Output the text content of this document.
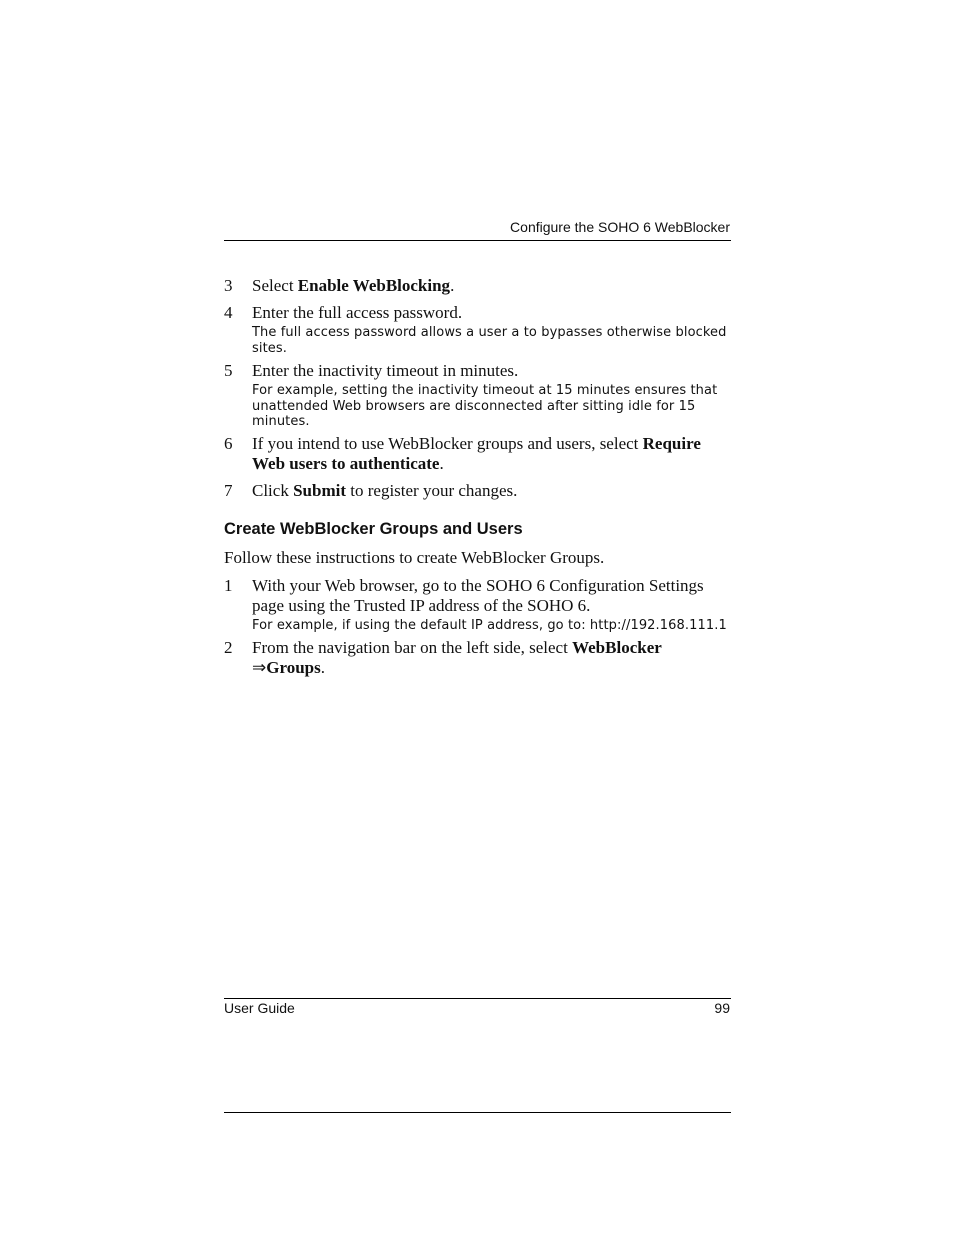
Configure the SOHO 6 WebBlocker
3	Select Enable WebBlocking.
4	Enter the full access password.
The full access password allows a user a to bypasses otherwise blocked sites.
5	Enter the inactivity timeout in minutes.
For example, setting the inactivity timeout at 15 minutes ensures that unattended Web browsers are disconnected after sitting idle for 15 minutes.
6	If you intend to use WebBlocker groups and users, select Require Web users to authenticate.
7	Click Submit to register your changes.
Create WebBlocker Groups and Users
Follow these instructions to create WebBlocker Groups.
1	With your Web browser, go to the SOHO 6 Configuration Settings page using the Trusted IP address of the SOHO 6.
For example, if using the default IP address, go to: http://192.168.111.1
2	From the navigation bar on the left side, select WebBlocker ⇒Groups.
User Guide	99
